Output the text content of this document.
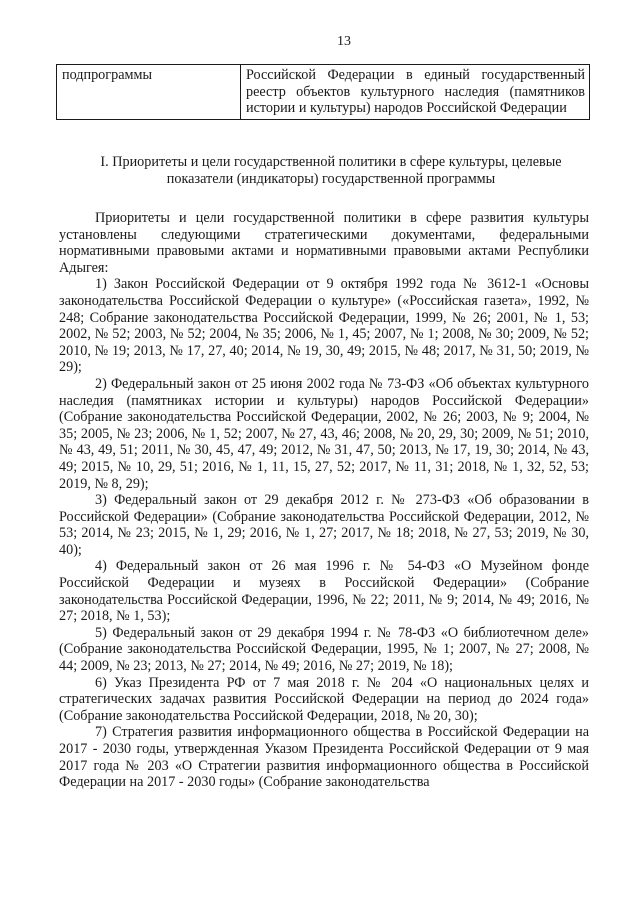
13
подпрограммы	Российской Федерации в единый государственный реестр объектов культурного наследия (памятников истории и культуры) народов Российской Федерации
I. Приоритеты и цели государственной политики в сфере культуры, целевые показатели (индикаторы) государственной программы

Приоритеты и цели государственной политики в сфере развития культуры установлены следующими стратегическими документами, федеральными нормативными правовыми актами и нормативными правовыми актами Республики Адыгея:

1) Закон Российской Федерации от 9 октября 1992 года № 3612-1 «Основы законодательства Российской Федерации о культуре» («Российская газета», 1992, № 248; Собрание законодательства Российской Федерации, 1999, № 26; 2001, № 1, 53; 2002, № 52; 2003, № 52; 2004, № 35; 2006, № 1, 45; 2007, № 1; 2008, № 30; 2009, № 52; 2010, № 19; 2013, № 17, 27, 40; 2014, № 19, 30, 49; 2015, № 48; 2017, № 31, 50; 2019, № 29);

2) Федеральный закон от 25 июня 2002 года № 73-ФЗ «Об объектах культурного наследия (памятниках истории и культуры) народов Российской Федерации» (Собрание законодательства Российской Федерации, 2002, № 26; 2003, № 9; 2004, № 35; 2005, № 23; 2006, № 1, 52; 2007, № 27, 43, 46; 2008, № 20, 29, 30; 2009, № 51; 2010, № 43, 49, 51; 2011, № 30, 45, 47, 49; 2012, № 31, 47, 50; 2013, № 17, 19, 30; 2014, № 43, 49; 2015, № 10, 29, 51; 2016, № 1, 11, 15, 27, 52; 2017, № 11, 31; 2018, № 1, 32, 52, 53; 2019, № 8, 29);

3) Федеральный закон от 29 декабря 2012 г. № 273-ФЗ «Об образовании в Российской Федерации» (Собрание законодательства Российской Федерации, 2012, № 53; 2014, № 23; 2015, № 1, 29; 2016, № 1, 27; 2017, № 18; 2018, № 27, 53; 2019, № 30, 40);

4) Федеральный закон от 26 мая 1996 г. № 54-ФЗ «О Музейном фонде Российской Федерации и музеях в Российской Федерации» (Собрание законодательства Российской Федерации, 1996, № 22; 2011, № 9; 2014, № 49; 2016, № 27; 2018, № 1, 53);

5) Федеральный закон от 29 декабря 1994 г. № 78-ФЗ «О библиотечном деле» (Собрание законодательства Российской Федерации, 1995, № 1; 2007, № 27; 2008, № 44; 2009, № 23; 2013, № 27; 2014, № 49; 2016, № 27; 2019, № 18);

6) Указ Президента РФ от 7 мая 2018 г. № 204 «О национальных целях и стратегических задачах развития Российской Федерации на период до 2024 года» (Собрание законодательства Российской Федерации, 2018, № 20, 30);

7) Стратегия развития информационного общества в Российской Федерации на 2017 - 2030 годы, утвержденная Указом Президента Российской Федерации от 9 мая 2017 года № 203 «О Стратегии развития информационного общества в Российской Федерации на 2017 - 2030 годы» (Собрание законодательства
